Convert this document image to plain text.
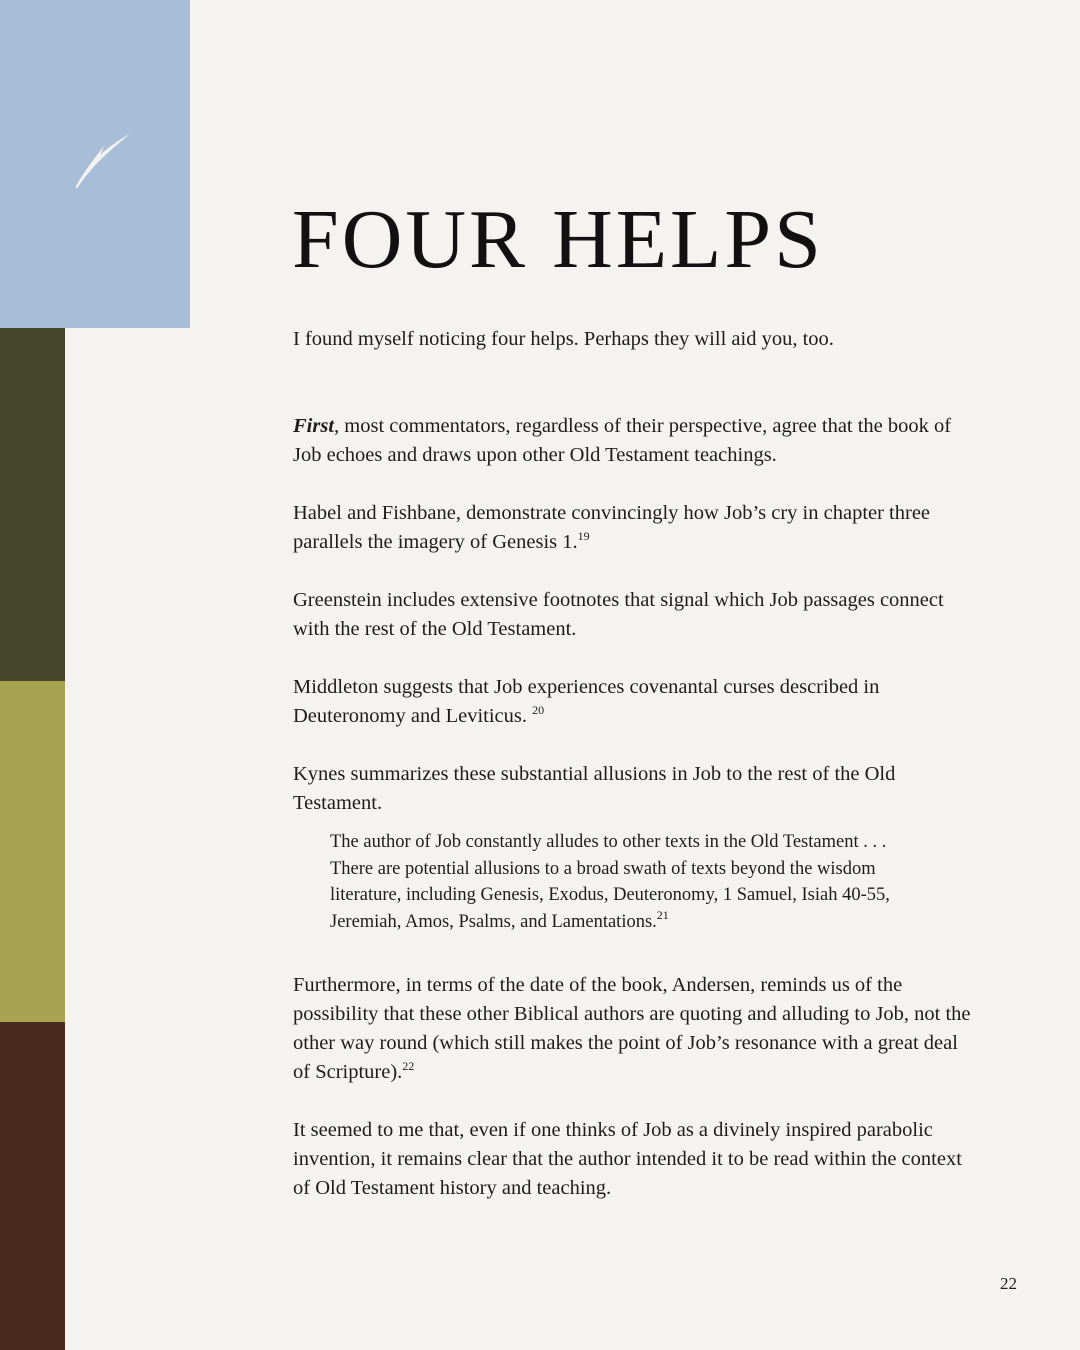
FOUR HELPS

I found myself noticing four helps. Perhaps they will aid you, too.

First, most commentators, regardless of their perspective, agree that the book of Job echoes and draws upon other Old Testament teachings.

Habel and Fishbane, demonstrate convincingly how Job’s cry in chapter three parallels the imagery of Genesis 1.19

Greenstein includes extensive footnotes that signal which Job passages connect with the rest of the Old Testament.

Middleton suggests that Job experiences covenantal curses described in Deuteronomy and Leviticus. $^{20}$

Kynes summarizes these substantial allusions in Job to the rest of the Old Testament.

The author of Job constantly alludes to other texts in the Old Testament . . . There are potential allusions to a broad swath of texts beyond the wisdom literature, including Genesis, Exodus, Deuteronomy, 1 Samuel, Isiah 40-55, Jeremiah, Amos, Psalms, and Lamentations.$^{21}$

Furthermore, in terms of the date of the book, Andersen, reminds us of the possibility that these other Biblical authors are quoting and alluding to Job, not the other way round (which still makes the point of Job’s resonance with a great deal of Scripture).$^{22}$

It seemed to me that, even if one thinks of Job as a divinely inspired parabolic invention, it remains clear that the author intended it to be read within the context of Old Testament history and teaching.

22
